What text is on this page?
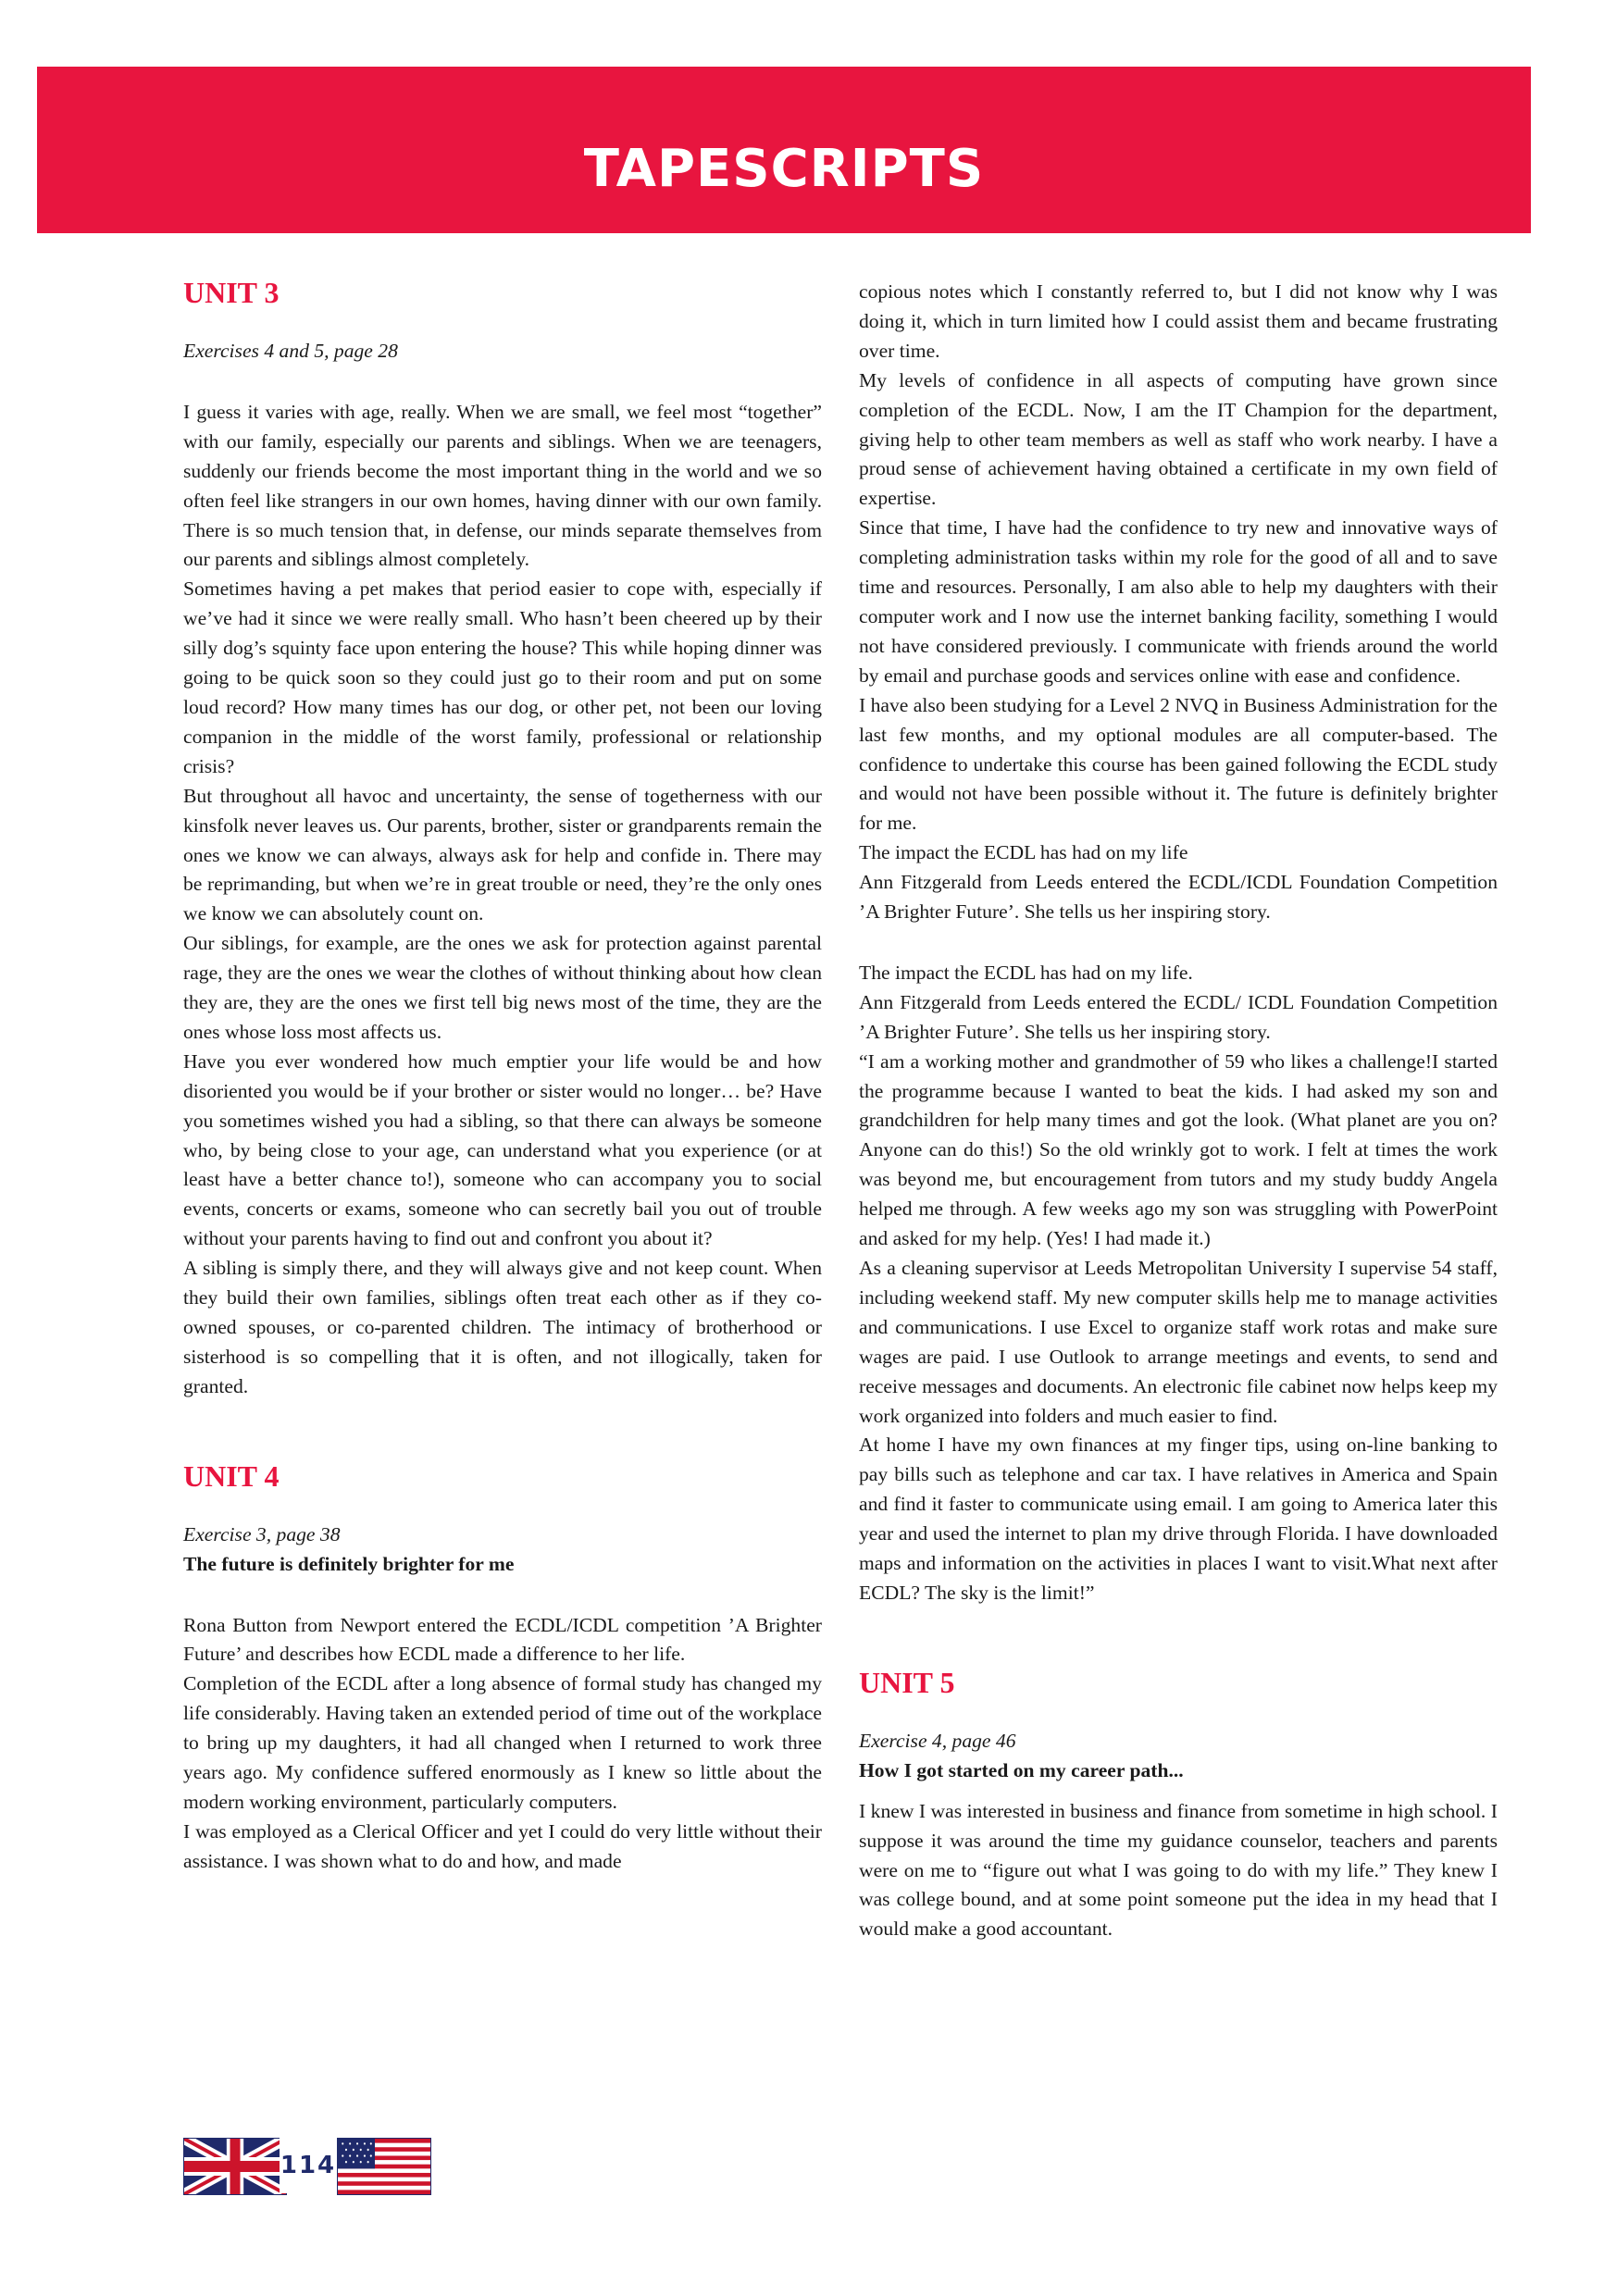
TAPESCRIPTS
UNIT 3

Exercises 4 and 5, page 28

I guess it varies with age, really. When we are small, we feel most “together” with our family, especially our parents and siblings. When we are teenagers, suddenly our friends become the most important thing in the world and we so often feel like strangers in our own homes, having dinner with our own family. There is so much tension that, in defense, our minds separate themselves from our parents and siblings almost completely.

Sometimes having a pet makes that period easier to cope with, especially if we’ve had it since we were really small. Who hasn’t been cheered up by their silly dog’s squinty face upon entering the house? This while hoping dinner was going to be quick soon so they could just go to their room and put on some loud record? How many times has our dog, or other pet, not been our loving companion in the middle of the worst family, professional or relationship crisis?

But throughout all havoc and uncertainty, the sense of togetherness with our kinsfolk never leaves us. Our parents, brother, sister or grandparents remain the ones we know we can always, always ask for help and confide in. There may be reprimanding, but when we’re in great trouble or need, they’re the only ones we know we can absolutely count on.

Our siblings, for example, are the ones we ask for protection against parental rage, they are the ones we wear the clothes of without thinking about how clean they are, they are the ones we first tell big news most of the time, they are the ones whose loss most affects us.

Have you ever wondered how much emptier your life would be and how disoriented you would be if your brother or sister would no longer… be? Have you sometimes wished you had a sibling, so that there can always be someone who, by being close to your age, can understand what you experience (or at least have a better chance to!), someone who can accompany you to social events, concerts or exams, someone who can secretly bail you out of trouble without your parents having to find out and confront you about it?

A sibling is simply there, and they will always give and not keep count. When they build their own families, siblings often treat each other as if they co-owned spouses, or co-parented children. The intimacy of brotherhood or sisterhood is so compelling that it is often, and not illogically, taken for granted.

UNIT 4

Exercise 3, page 38

The future is definitely brighter for me

Rona Button from Newport entered the ECDL/ICDL competition ’A Brighter Future’ and describes how ECDL made a difference to her life.

Completion of the ECDL after a long absence of formal study has changed my life considerably. Having taken an extended period of time out of the workplace to bring up my daughters, it had all changed when I returned to work three years ago. My confidence suffered enormously as I knew so little about the modern working environment, particularly computers.

I was employed as a Clerical Officer and yet I could do very little without their assistance. I was shown what to do and how, and made

copious notes which I constantly referred to, but I did not know why I was doing it, which in turn limited how I could assist them and became frustrating over time.

My levels of confidence in all aspects of computing have grown since completion of the ECDL. Now, I am the IT Champion for the department, giving help to other team members as well as staff who work nearby. I have a proud sense of achievement having obtained a certificate in my own field of expertise.

Since that time, I have had the confidence to try new and innovative ways of completing administration tasks within my role for the good of all and to save time and resources. Personally, I am also able to help my daughters with their computer work and I now use the internet banking facility, something I would not have considered previously. I communicate with friends around the world by email and purchase goods and services online with ease and confidence.

I have also been studying for a Level 2 NVQ in Business Administration for the last few months, and my optional modules are all computer-based. The confidence to undertake this course has been gained following the ECDL study and would not have been possible without it. The future is definitely brighter for me.

The impact the ECDL has had on my life

Ann Fitzgerald from Leeds entered the ECDL/ICDL Foundation Competition ’A Brighter Future’. She tells us her inspiring story.

The impact the ECDL has had on my life.

Ann Fitzgerald from Leeds entered the ECDL/ ICDL Foundation Competition ’A Brighter Future’. She tells us her inspiring story.

“I am a working mother and grandmother of 59 who likes a challenge!I started the programme because I wanted to beat the kids. I had asked my son and grandchildren for help many times and got the look. (What planet are you on? Anyone can do this!) So the old wrinkly got to work. I felt at times the work was beyond me, but encouragement from tutors and my study buddy Angela helped me through. A few weeks ago my son was struggling with PowerPoint and asked for my help. (Yes! I had made it.)

As a cleaning supervisor at Leeds Metropolitan University I supervise 54 staff, including weekend staff. My new computer skills help me to manage activities and communications. I use Excel to organize staff work rotas and make sure wages are paid. I use Outlook to arrange meetings and events, to send and receive messages and documents. An electronic file cabinet now helps keep my work organized into folders and much easier to find.

At home I have my own finances at my finger tips, using on-line banking to pay bills such as telephone and car tax. I have relatives in America and Spain and find it faster to communicate using email. I am going to America later this year and used the internet to plan my drive through Florida. I have downloaded maps and information on the activities in places I want to visit.What next after ECDL? The sky is the limit!”

UNIT 5

Exercise 4, page 46

How I got started on my career path...

I knew I was interested in business and finance from sometime in high school. I suppose it was around the time my guidance counselor, teachers and parents were on me to “figure out what I was going to do with my life.” They knew I was college bound, and at some point someone put the idea in my head that I would make a good accountant.

114
